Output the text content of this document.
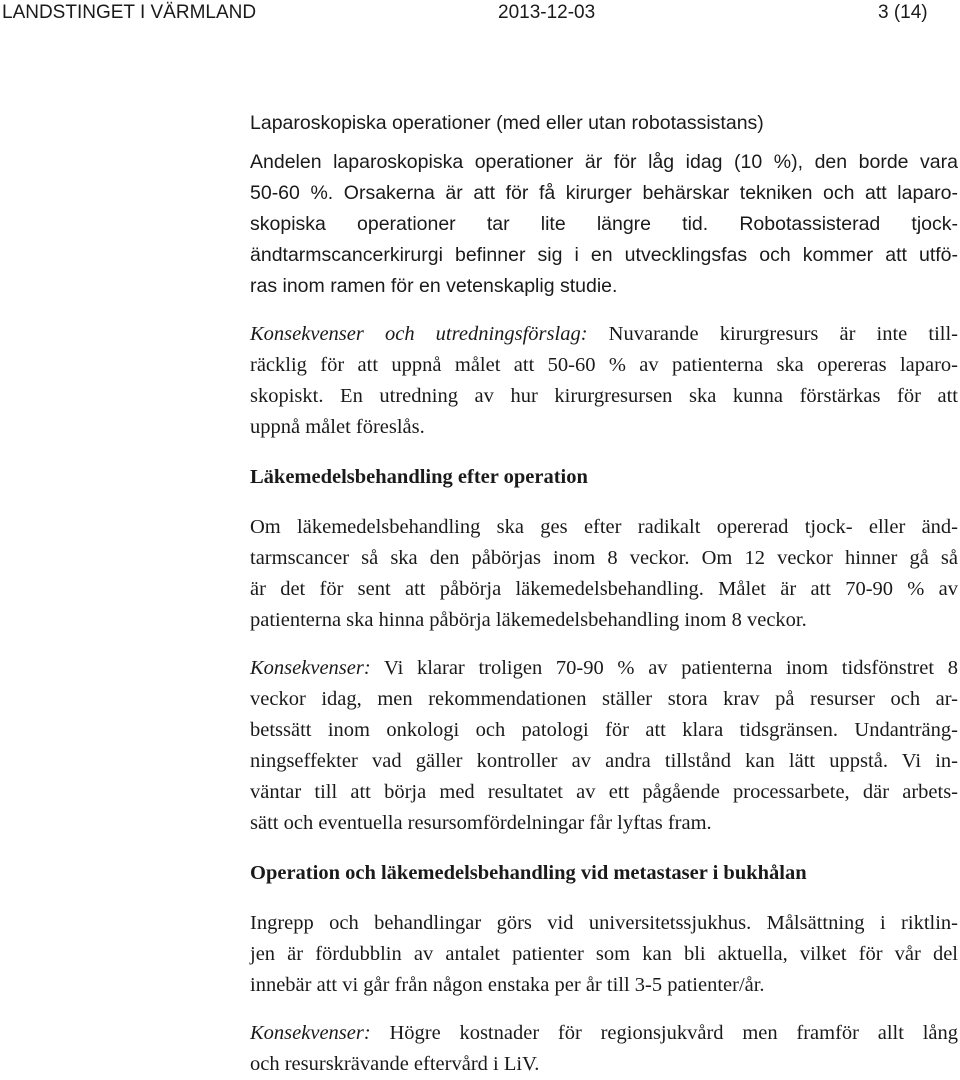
LANDSTINGET I VÄRMLAND	2013-12-03	3 (14)

Laparoskopiska operationer (med eller utan robotassistans)

Andelen laparoskopiska operationer är för låg idag (10 %), den borde vara
50-60 %. Orsakerna är att för få kirurger behärskar tekniken och att laparo-
skopiska operationer tar lite längre tid. Robotassisterad tjock-
ändtarmscancerkirurgi befinner sig i en utvecklingsfas och kommer att utfö-
ras inom ramen för en vetenskaplig studie.

Konsekvenser och utredningsförslag: Nuvarande kirurgresurs är inte till-
räcklig för att uppnå målet att 50-60 % av patienterna ska opereras laparo-
skopiskt. En utredning av hur kirurgresursen ska kunna förstärkas för att
uppnå målet föreslås.

Läkemedelsbehandling efter operation

Om läkemedelsbehandling ska ges efter radikalt opererad tjock- eller änd-
tarmscancer så ska den påbörjas inom 8 veckor. Om 12 veckor hinner gå så
är det för sent att påbörja läkemedelsbehandling. Målet är att 70-90 % av
patienterna ska hinna påbörja läkemedelsbehandling inom 8 veckor.

Konsekvenser: Vi klarar troligen 70-90 % av patienterna inom tidsfönstret 8
veckor idag, men rekommendationen ställer stora krav på resurser och ar-
betssätt inom onkologi och patologi för att klara tidsgränsen. Undanträng-
ningseffekter vad gäller kontroller av andra tillstånd kan lätt uppstå. Vi in-
väntar till att börja med resultatet av ett pågående processarbete, där arbets-
sätt och eventuella resursomfördelningar får lyftas fram.

Operation och läkemedelsbehandling vid metastaser i bukhålan

Ingrepp och behandlingar görs vid universitetssjukhus. Målsättning i riktlin-
jen är fördubblin av antalet patienter som kan bli aktuella, vilket för vår del
innebär att vi går från någon enstaka per år till 3-5 patienter/år.

Konsekvenser: Högre kostnader för regionsjukvård men framför allt lång
och resurskrävande eftervård i LiV.
